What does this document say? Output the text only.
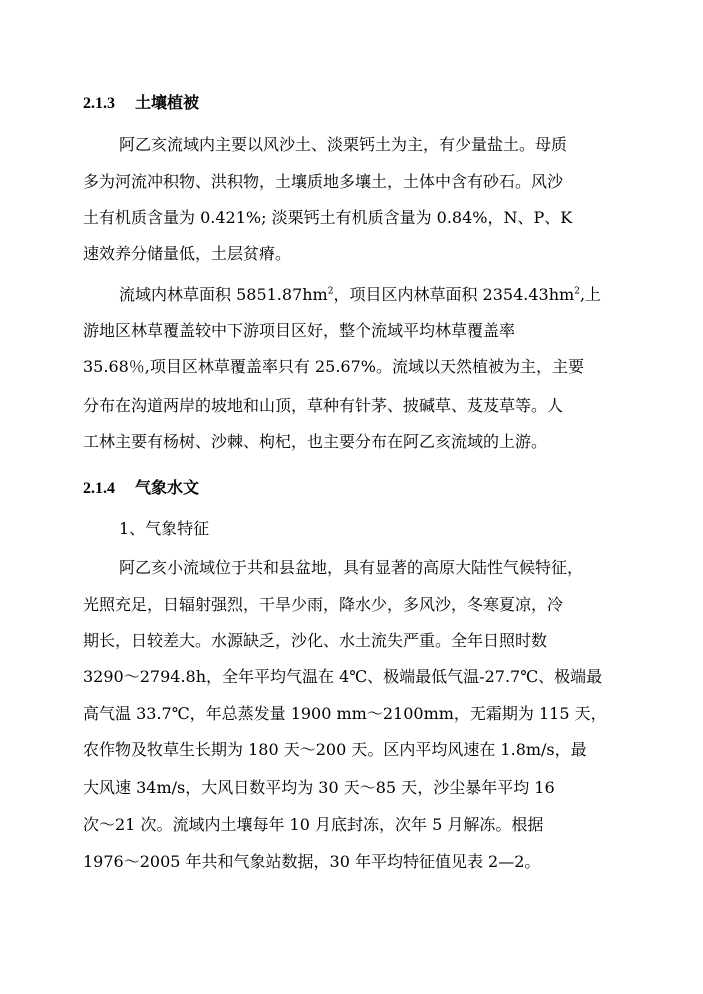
2.1.3 土壤植被
阿乙亥流域内主要以风沙土、淡栗钙土为主，有少量盐土。母质
多为河流冲积物、洪积物，土壤质地多壤土，土体中含有砂石。风沙
土有机质含量为 0.421%; 淡栗钙土有机质含量为 0.84%，N、P、K
速效养分储量低，土层贫瘠。
流域内林草面积 $5851.87hm^2$，项目区内林草面积 $2354.43hm^2$,上
游地区林草覆盖较中下游项目区好，整个流域平均林草覆盖率
35.68％,项目区林草覆盖率只有 25.67%。流域以天然植被为主，主要
分布在沟道两岸的坡地和山顶，草种有针茅、披碱草、芨芨草等。人
工林主要有杨树、沙棘、枸杞，也主要分布在阿乙亥流域的上游。
2.1.4 气象水文
1、气象特征
阿乙亥小流域位于共和县盆地，具有显著的高原大陆性气候特征，
光照充足，日辐射强烈，干旱少雨，降水少，多风沙，冬寒夏凉，冷
期长，日较差大。水源缺乏，沙化、水土流失严重。全年日照时数
3290～2794.8h，全年平均气温在 4℃、极端最低气温-27.7℃、极端最
高气温 33.7℃，年总蒸发量 1900 mm～2100mm，无霜期为 115 天，
农作物及牧草生长期为 180 天～200 天。区内平均风速在 1.8m/s，最
大风速 34m/s，大风日数平均为 30 天～85 天，沙尘暴年平均 16
次～21 次。流域内土壤每年 10 月底封冻，次年 5 月解冻。根据
1976～2005 年共和气象站数据，30 年平均特征值见表 2—2。
